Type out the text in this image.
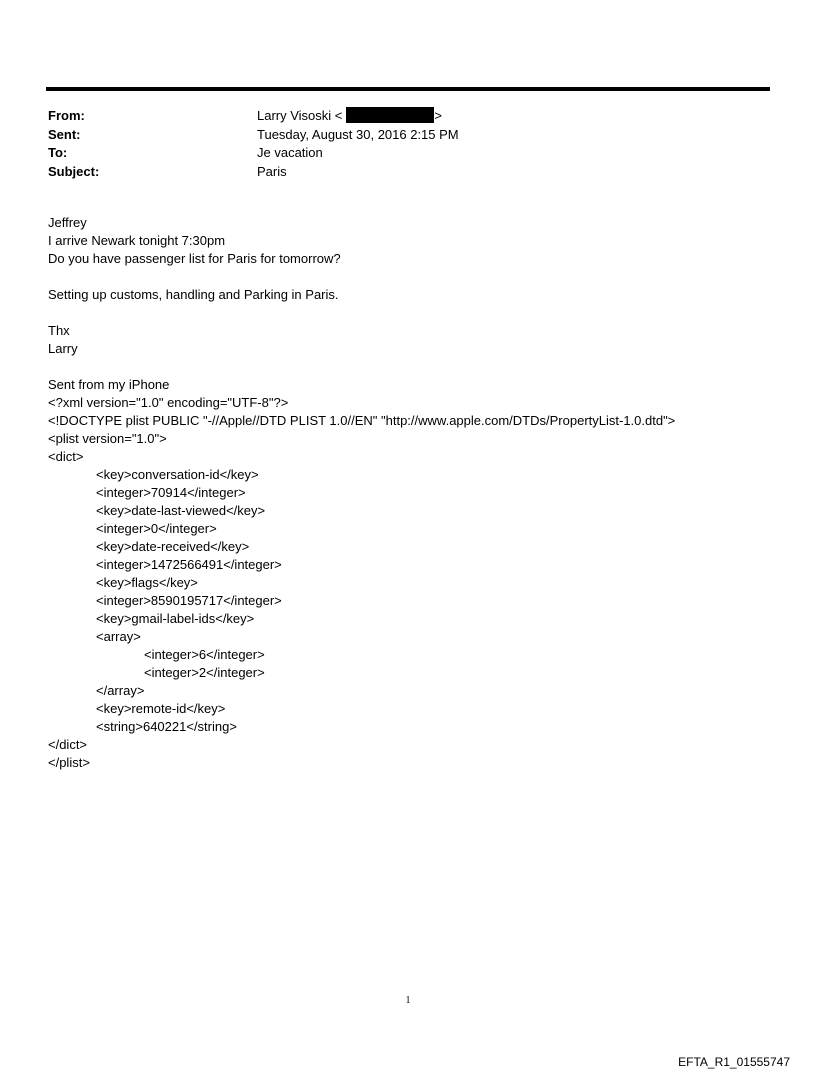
From:	Larry Visoski <	>
Sent:	Tuesday, August 30, 2016 2:15 PM
To:	Je vacation
Subject:	Paris
Jeffrey
I arrive Newark tonight 7:30pm
Do you have passenger list for Paris for tomorrow?
Setting up customs, handling and Parking in Paris.
Thx
Larry
Sent from my iPhone
<?xml version="1.0" encoding="UTF-8"?>
<!DOCTYPE plist PUBLIC "-//Apple//DTD PLIST 1.0//EN" "http://www.apple.com/DTDs/PropertyList-1.0.dtd">
<plist version="1.0">
<dict>
<key>conversation-id</key>
<integer>70914</integer>
<key>date-last-viewed</key>
<integer>0</integer>
<key>date-received</key>
<integer>1472566491</integer>
<key>flags</key>
<integer>8590195717</integer>
<key>gmail-label-ids</key>
<array>
<integer>6</integer>
<integer>2</integer>
</array>
<key>remote-id</key>
<string>640221</string>
</dict>
</plist>
1
EFTA_R1_01555747
